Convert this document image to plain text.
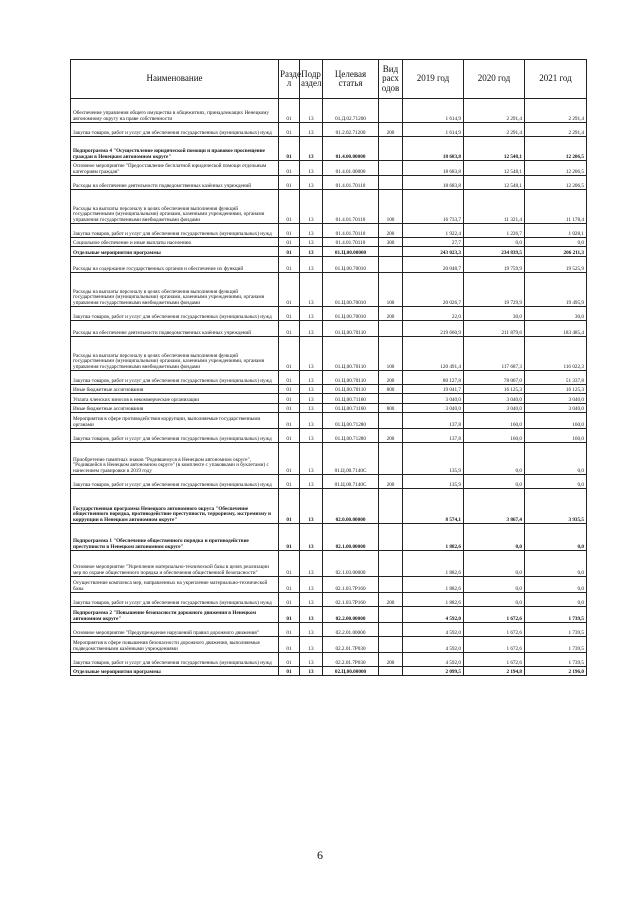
Наименование	Разде л	Подр аздел	Целевая статья	Вид расх одов	2019 год	2020 год	2021 год
Обеспечение управления общего имущества в общежитиях, принадлежащих Ненецкому автономному округу на праве собственности	01	13	01.Д.02.71200		1 614,9	2 291,4	2 291,4
Закупка товаров, работ и услуг для обеспечения государственных (муниципальных) нужд	01	13	01.2.02.71200	200	1 614,9	2 291,4	2 291,4
Подпрограмма 4 "Осуществление юридической помощи и правовое просвещение граждан в Ненецком автономном округе"	01	13	01.4.00.00000		18 683,8	12 548,1	12 206,5
Основное мероприятие "Предоставление бесплатной юридической помощи отдельным категориям граждан"	01	13	01.4.01.00000		18 683,8	12 548,1	12 206,5
Расходы на обеспечение деятельности подведомственных казённых учреждений	01	13	01.4.01.70110		18 683,8	12 548,1	12 206,5
Расходы на выплаты персоналу в целях обеспечения выполнения функций государственными (муниципальными) органами, казенными учреждениями, органами управления государственными внебюджетными фондами	01	13	01.4.01.70110	100	16 733,7	11 321,4	11 178,4
Закупка товаров, работ и услуг для обеспечения государственных (муниципальных) нужд	01	13	01.4.01.70110	200	1 922,4	1 226,7	1 028,1
Социальное обеспечение и иные выплаты населению	01	13	01.4.01.70110	300	27,7	0,0	0,0
Отдельные мероприятия программы	01	13	01.Ц.00.00000		243 023,3	234 839,5	206 211,3
Расходы на содержание государственных органов и обеспечение их функций	01	13	01.Ц.00.70010		20 048,7	19 759,9	19 525,9
Расходы на выплаты персоналу в целях обеспечения выполнения функций государственными (муниципальными) органами, казенными учреждениями, органами управления государственными внебюджетными фондами	01	13	01.Ц.00.70010	100	20 026,7	19 729,9	19 495,9
Закупка товаров, работ и услуг для обеспечения государственных (муниципальных) нужд	01	13	01.Ц.00.70010	200	22,0	30,0	30,0
Расходы на обеспечение деятельности подведомственных казённых учреждений	01	13	01.Ц.00.70110		219 660,9	211 879,6	183 485,4
Расходы на выплаты персоналу в целях обеспечения выполнения функций государственными (муниципальными) органами, казенными учреждениями, органами управления государственными внебюджетными фондами	01	13	01.Ц.00.70110	100	120 491,4	117 687,3	116 022,3
Закупка товаров, работ и услуг для обеспечения государственных (муниципальных) нужд	01	13	01.Ц.00.70110	200	80 127,8	78 067,0	51 337,8
Иные бюджетные ассигнования	01	13	01.Ц.00.70110	800	19 041,7	16 125,3	16 125,3
Уплата членских взносов в некоммерческие организации	01	13	01.Ц.00.71160		3 040,0	3 040,0	3 040,0
Иные бюджетные ассигнования	01	13	01.Ц.00.71160	800	3 040,0	3 040,0	3 040,0
Мероприятия в сфере противодействия коррупции, выполняемые государственными органами	01	13	01.Ц.00.71280		137,8	160,0	160,0
Закупка товаров, работ и услуг для обеспечения государственных (муниципальных) нужд	01	13	01.Ц.00.71280	200	137,8	160,0	160,0
Приобретение памятных знаков "Родившемуся в Ненецком автономном округе", "Родившейся в Ненецком автономном округе" (в комплекте с упаковками и буклетами) с нанесением гравировки в 2019 году	01	13	01.Ц.00.7140С		135,9	0,0	0,0
Закупка товаров, работ и услуг для обеспечения государственных (муниципальных) нужд	01	13	01.Ц.00.7140С	200	135,9	0,0	0,0
Государственная программа Ненецкого автономного округа "Обеспечение общественного порядка, противодействие преступности, терроризму, экстремизму и коррупции в Ненецком автономном округе"	01	13	02.0.00.00000		8 574,1	3 867,4	3 935,5
Подпрограмма 1 "Обеспечение общественного порядка и противодействие преступности в Ненецком автономном округе"	01	13	02.1.00.00000		1 882,6	0,0	0,0
Основное мероприятие "Укрепление материально-технической базы в целях реализации мер по охране общественного порядка и обеспечения общественной безопасности"	01	13	02.1.03.00000		1 882,6	0,0	0,0
Осуществление комплекса мер, направленных на укрепление материально-технической базы	01	13	02.1.03.7Р160		1 882,6	0,0	0,0
Закупка товаров, работ и услуг для обеспечения государственных (муниципальных) нужд	01	13	02.1.03.7Р160	200	1 882,6	0,0	0,0
Подпрограмма 2 "Повышение безопасности дорожного движения в Ненецком автономном округе"	01	13	02.2.00.00000		4 592,0	1 672,6	1 739,5
Основное мероприятие "Предупреждение нарушений правил дорожного движения"	01	13	02.2.01.00000		4 592,0	1 672,6	1 739,5
Мероприятия в сфере повышения безопасности дорожного движения, выполняемые подведомственными казёнными учреждениями	01	13	02.2.01.7Р030		4 592,0	1 672,6	1 739,5
Закупка товаров, работ и услуг для обеспечения государственных (муниципальных) нужд	01	13	02.2.01.7Р030	200	4 592,0	1 672,6	1 739,5
Отдельные мероприятия программы	01	13	02.Ц.00.00000		2 099,5	2 194,8	2 196,0
6
